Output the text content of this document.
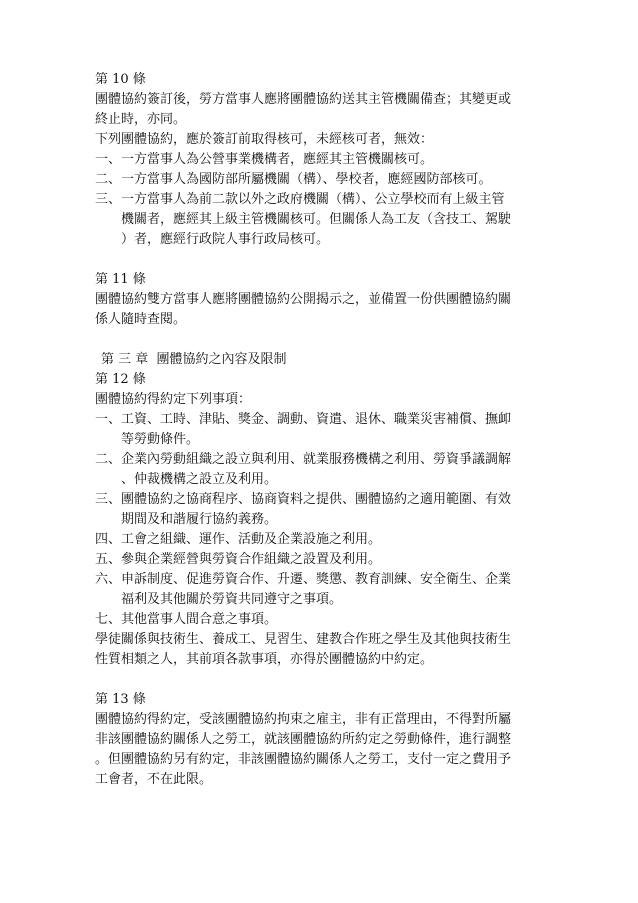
第 10 條
團體協約簽訂後，勞方當事人應將團體協約送其主管機關備查；其變更或
終止時，亦同。
下列團體協約，應於簽訂前取得核可，未經核可者，無效：
一、 一方當事人為公營事業機構者，應經其主管機關核可。
二、 一方當事人為國防部所屬機關（構）、學校者，應經國防部核可。
三、 一方當事人為前二款以外之政府機關（構）、公立學校而有上級主管
機關者，應經其上級主管機關核可。但關係人為工友（含技工、駕駛
）者，應經行政院人事行政局核可。
第 11 條
團體協約雙方當事人應將團體協約公開揭示之，並備置一份供團體協約關
係人隨時查閱。
第 三 章  團體協約之內容及限制
第 12 條
團體協約得約定下列事項：
一、 工資、工時、津貼、獎金、調動、資遣、退休、職業災害補償、撫卹
等勞動條件。
二、 企業內勞動組織之設立與利用、就業服務機構之利用、勞資爭議調解
、仲裁機構之設立及利用。
三、 團體協約之協商程序、協商資料之提供、團體協約之適用範圍、有效
期間及和諧履行協約義務。
四、 工會之組織、運作、活動及企業設施之利用。
五、 參與企業經營與勞資合作組織之設置及利用。
六、 申訴制度、促進勞資合作、升遷、獎懲、教育訓練、安全衛生、企業
福利及其他關於勞資共同遵守之事項。
七、 其他當事人間合意之事項。
學徒關係與技術生、養成工、見習生、建教合作班之學生及其他與技術生
性質相類之人，其前項各款事項，亦得於團體協約中約定。
第 13 條
團體協約得約定，受該團體協約拘束之雇主，非有正當理由，不得對所屬
非該團體協約關係人之勞工，就該團體協約所約定之勞動條件，進行調整
。但團體協約另有約定，非該團體協約關係人之勞工，支付一定之費用予
工會者，不在此限。
